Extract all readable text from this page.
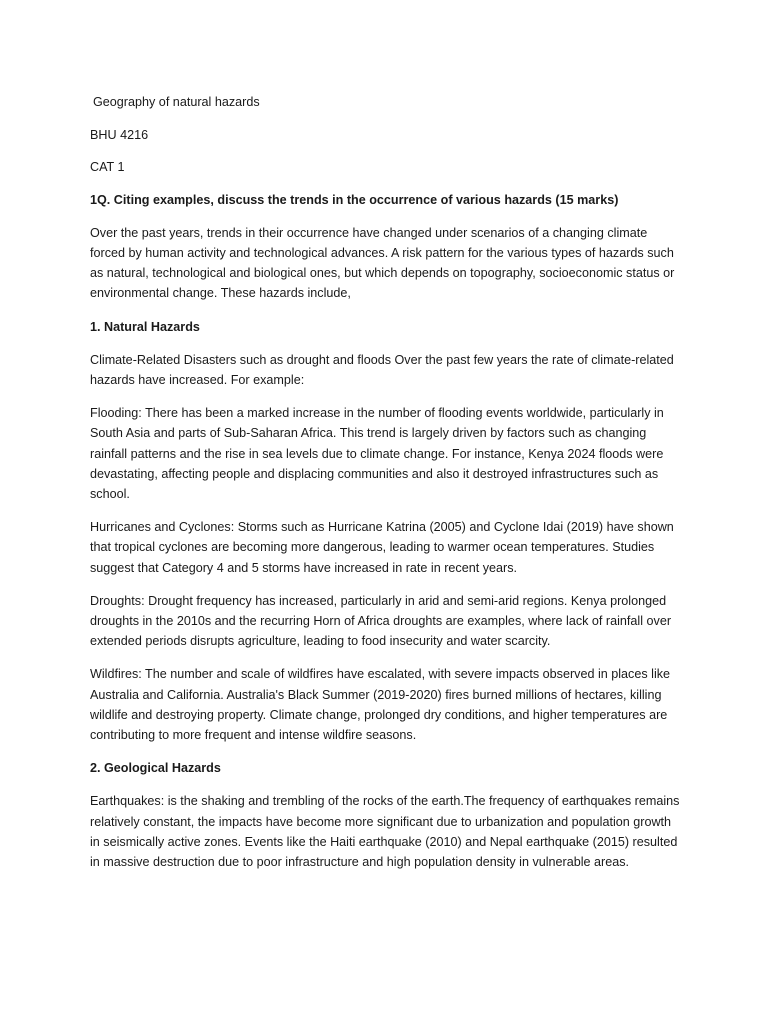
Geography of natural hazards

BHU 4216

CAT 1

1Q. Citing examples, discuss the trends in the occurrence of various hazards (15 marks)

Over the past years, trends in their occurrence have changed under scenarios of a changing climate forced by human activity and technological advances. A risk pattern for the various types of hazards such as natural, technological and biological ones, but which depends on topography, socioeconomic status or environmental change. These hazards include,

1. Natural Hazards

Climate-Related Disasters such as drought and floods Over the past few years the rate of climate-related hazards have increased. For example:

Flooding: There has been a marked increase in the number of flooding events worldwide, particularly in South Asia and parts of Sub-Saharan Africa. This trend is largely driven by factors such as changing rainfall patterns and the rise in sea levels due to climate change. For instance, Kenya 2024 floods were devastating, affecting people and displacing communities and also it destroyed infrastructures such as school.

Hurricanes and Cyclones: Storms such as Hurricane Katrina (2005) and Cyclone Idai (2019) have shown that tropical cyclones are becoming more dangerous, leading to warmer ocean temperatures. Studies suggest that Category 4 and 5 storms have increased in rate in recent years.

Droughts: Drought frequency has increased, particularly in arid and semi-arid regions. Kenya prolonged droughts in the 2010s and the recurring Horn of Africa droughts are examples, where lack of rainfall over extended periods disrupts agriculture, leading to food insecurity and water scarcity.

Wildfires: The number and scale of wildfires have escalated, with severe impacts observed in places like Australia and California. Australia's Black Summer (2019-2020) fires burned millions of hectares, killing wildlife and destroying property. Climate change, prolonged dry conditions, and higher temperatures are contributing to more frequent and intense wildfire seasons.

2. Geological Hazards

Earthquakes: is the shaking and trembling of the rocks of the earth.The frequency of earthquakes remains relatively constant, the impacts have become more significant due to urbanization and population growth in seismically active zones. Events like the Haiti earthquake (2010) and Nepal earthquake (2015) resulted in massive destruction due to poor infrastructure and high population density in vulnerable areas.
